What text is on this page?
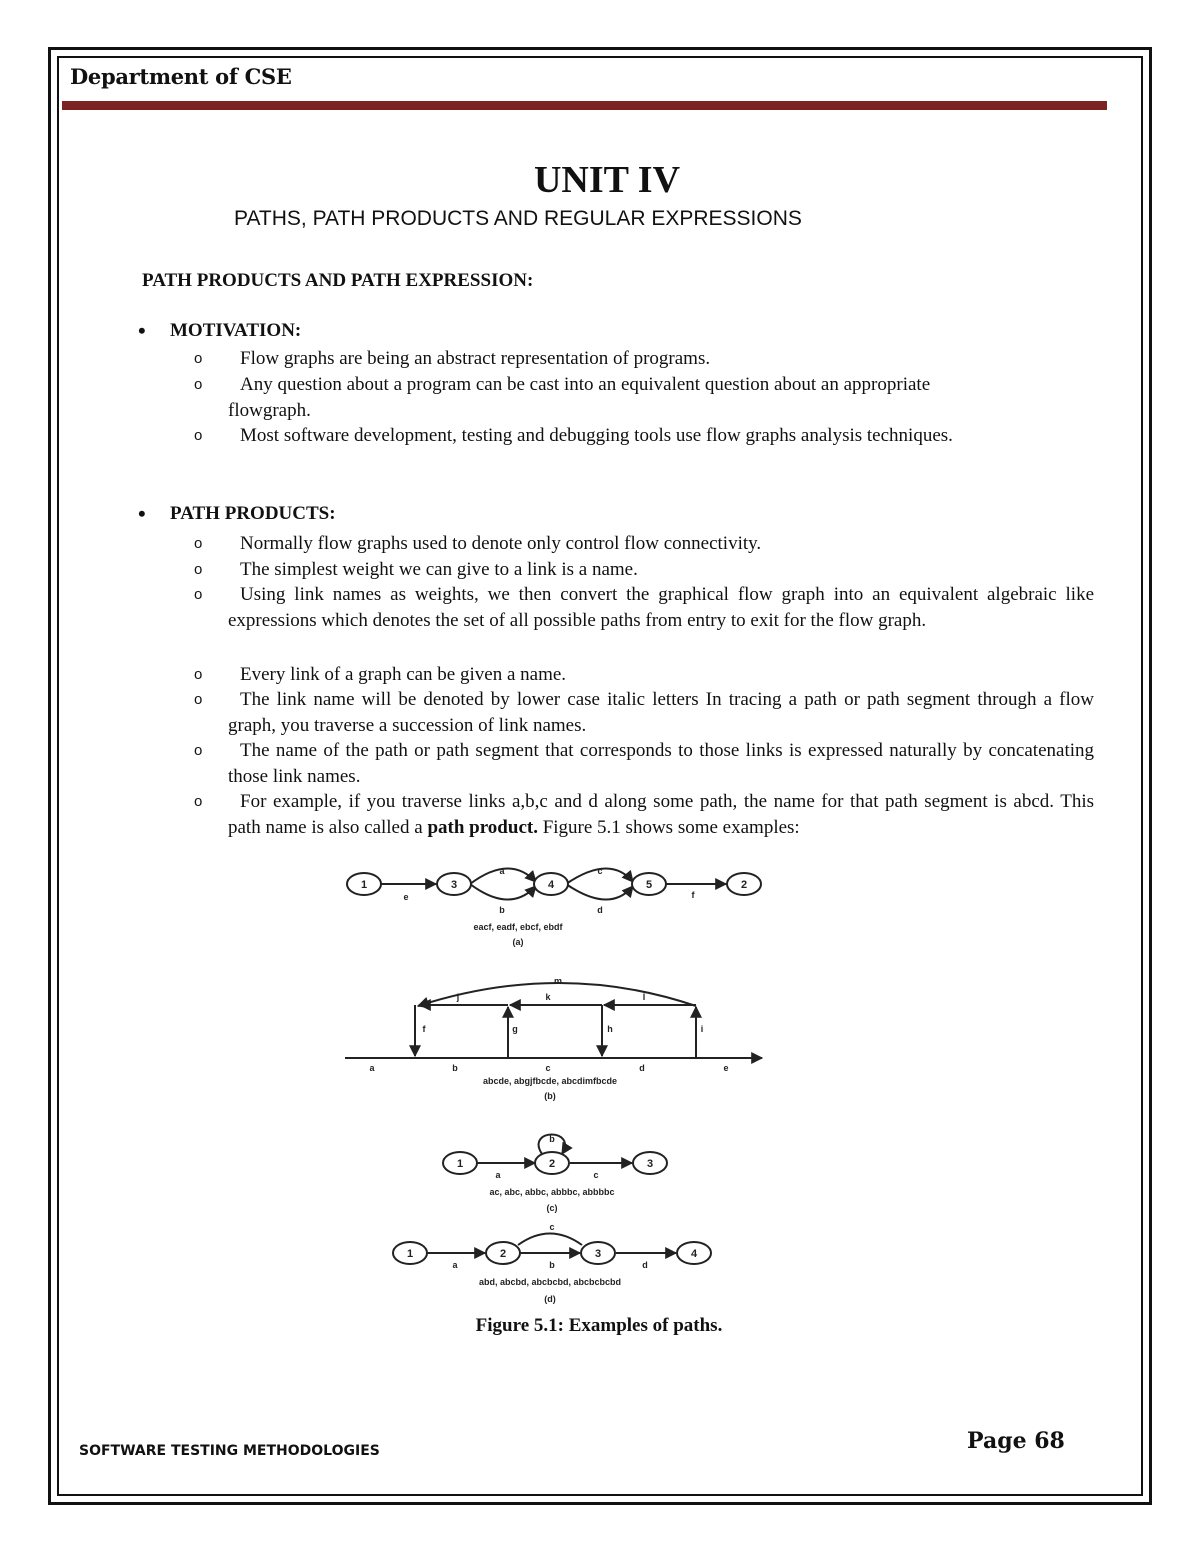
Department of CSE
UNIT IV
PATHS, PATH PRODUCTS AND REGULAR EXPRESSIONS
PATH PRODUCTS AND PATH EXPRESSION:
• MOTIVATION:
o	Flow graphs are being an abstract representation of programs.
o	Any question about a program can be cast into an equivalent question about an appropriate flowgraph.
o	Most software development, testing and debugging tools use flow graphs analysis techniques.
• PATH PRODUCTS:
o	Normally flow graphs used to denote only control flow connectivity.
o	The simplest weight we can give to a link is a name.
o	Using link names as weights, we then convert the graphical flow graph into an equivalent algebraic like expressions which denotes the set of all possible paths from entry to exit for the flow graph.
o	Every link of a graph can be given a name.
o	The link name will be denoted by lower case italic letters In tracing a path or path segment through a flow graph, you traverse a succession of link names.
o	The name of the path or path segment that corresponds to those links is expressed naturally by concatenating those link names.
o	For example, if you traverse links a,b,c and d along some path, the name for that path segment is abcd. This path name is also called a path product. Figure 5.1 shows some examples:
1	3	4	5	2
e
a
b
c
d
f
eacf, eadf, ebcf, ebdf
(a)
m
j	k	l
f	g	h	i
a	b	c	d	e
abcde, abgjfbcde, abcdimfbcde
(b)
1	2	3
b
a	c
ac, abc, abbc, abbbc, abbbbc
(c)
1	2	3	4
c
a	b	d
abd, abcbd, abcbcbd, abcbcbcbd
(d)
Figure 5.1: Examples of paths.
SOFTWARE TESTING METHODOLOGIES	Page 68
